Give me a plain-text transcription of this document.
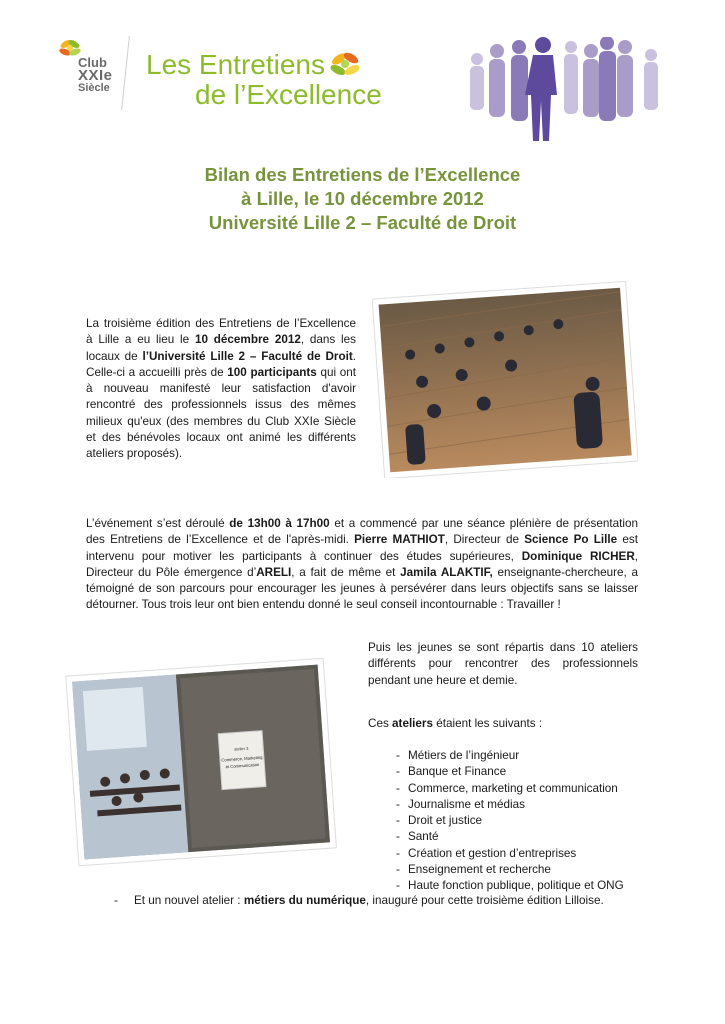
Club
XXIe
Siècle
Les Entretiens
de l’Excellence
Bilan des Entretiens de l’Excellence
à Lille, le 10 décembre 2012
Université Lille 2 – Faculté de Droit
La troisième édition des Entretiens de l’Excellence à Lille a eu lieu le 10 décembre 2012, dans les locaux de l’Université Lille 2 – Faculté de Droit. Celle-ci a accueilli près de 100 participants qui ont à nouveau manifesté leur satisfaction d'avoir rencontré des professionnels issus des mêmes milieux qu'eux (des membres du Club XXIe Siècle et des bénévoles locaux ont animé les différents ateliers proposés).
L’événement s’est déroulé de 13h00 à 17h00 et a commencé par une séance plénière de présentation des Entretiens de l’Excellence et de l'après-midi. Pierre MATHIOT, Directeur de Science Po Lille est intervenu pour motiver les participants à continuer des études supérieures, Dominique RICHER, Directeur du Pôle émergence d’ARELI, a fait de même et Jamila ALAKTIF, enseignante-chercheure, a témoigné de son parcours pour encourager les jeunes à persévérer dans leurs objectifs sans se laisser détourner. Tous trois leur ont bien entendu donné le seul conseil incontournable : Travailler !
atelier 3
Commerce, Marketing
et Communication
Puis les jeunes se sont répartis dans 10 ateliers différents pour rencontrer des professionnels pendant une heure et demie.
Ces ateliers étaient les suivants :
- Métiers de l’ingénieur
- Banque et Finance
- Commerce, marketing et communication
- Journalisme et médias
- Droit et justice
- Santé
- Création et gestion d’entreprises
- Enseignement et recherche
- Haute fonction publique, politique et ONG
- Et un nouvel atelier : métiers du numérique, inauguré pour cette troisième édition Lilloise.
